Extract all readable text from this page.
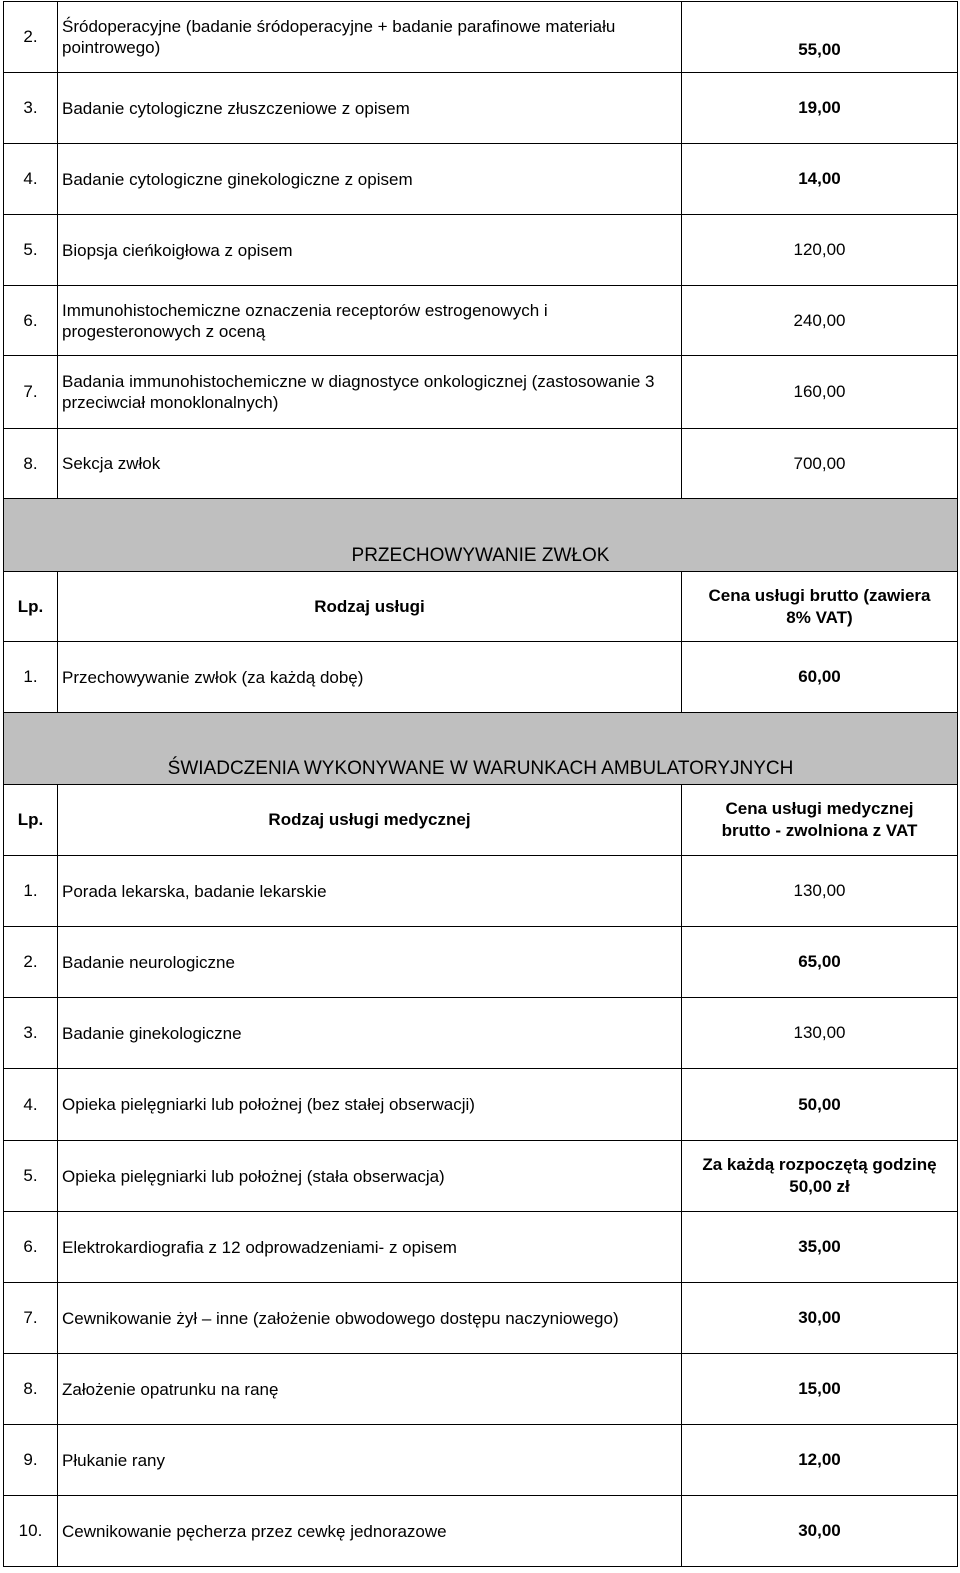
2.	Śródoperacyjne (badanie śródoperacyjne + badanie parafinowe materiału pointrowego)	55,00
3.	Badanie cytologiczne złuszczeniowe z opisem	19,00
4.	Badanie cytologiczne ginekologiczne z opisem	14,00
5.	Biopsja cieńkoigłowa z opisem	120,00
6.	Immunohistochemiczne oznaczenia receptorów estrogenowych i progesteronowych z oceną	240,00
7.	Badania immunohistochemiczne w diagnostyce onkologicznej (zastosowanie 3 przeciwciał monoklonalnych)	160,00
8.	Sekcja zwłok	700,00
PRZECHOWYWANIE ZWŁOK		
Lp.	Rodzaj usługi	Cena usługi brutto (zawiera 8% VAT)
1.	Przechowywanie zwłok (za każdą dobę)	60,00
ŚWIADCZENIA WYKONYWANE W WARUNKACH AMBULATORYJNYCH		
Lp.	Rodzaj usługi medycznej	Cena usługi medycznej brutto - zwolniona z VAT
1.	Porada lekarska, badanie lekarskie	130,00
2.	Badanie neurologiczne	65,00
3.	Badanie ginekologiczne	130,00
4.	Opieka pielęgniarki lub położnej (bez stałej obserwacji)	50,00
5.	Opieka pielęgniarki lub położnej (stała obserwacja)	Za każdą rozpoczętą godzinę 50,00 zł
6.	Elektrokardiografia z 12 odprowadzeniami- z opisem	35,00
7.	Cewnikowanie żył – inne (założenie obwodowego dostępu naczyniowego)	30,00
8.	Założenie opatrunku na ranę	15,00
9.	Płukanie rany	12,00
10.	Cewnikowanie pęcherza przez cewkę jednorazowe	30,00
